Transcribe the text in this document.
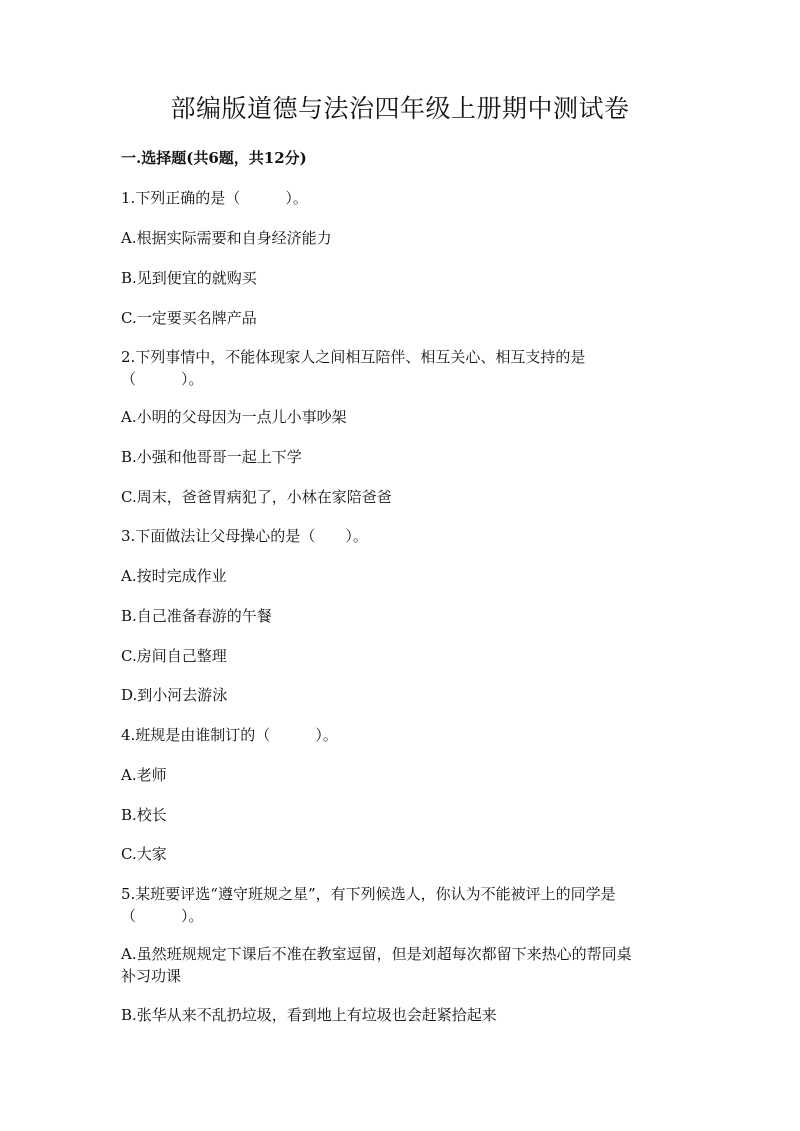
部编版道德与法治四年级上册期中测试卷
一.选择题(共6题，共12分)
1.下列正确的是（　　　）。
A.根据实际需要和自身经济能力
B.见到便宜的就购买
C.一定要买名牌产品
2.下列事情中，不能体现家人之间相互陪伴、相互关心、相互支持的是
（　　　）。
A.小明的父母因为一点儿小事吵架
B.小强和他哥哥一起上下学
C.周末，爸爸胃病犯了，小林在家陪爸爸
3.下面做法让父母操心的是（　　）。
A.按时完成作业
B.自己准备春游的午餐
C.房间自己整理
D.到小河去游泳
4.班规是由谁制订的（　　　）。
A.老师
B.校长
C.大家
5.某班要评选“遵守班规之星”，有下列候选人，你认为不能被评上的同学是
（　　　）。
A.虽然班规规定下课后不准在教室逗留，但是刘超每次都留下来热心的帮同桌
补习功课
B.张华从来不乱扔垃圾，看到地上有垃圾也会赶紧拾起来
